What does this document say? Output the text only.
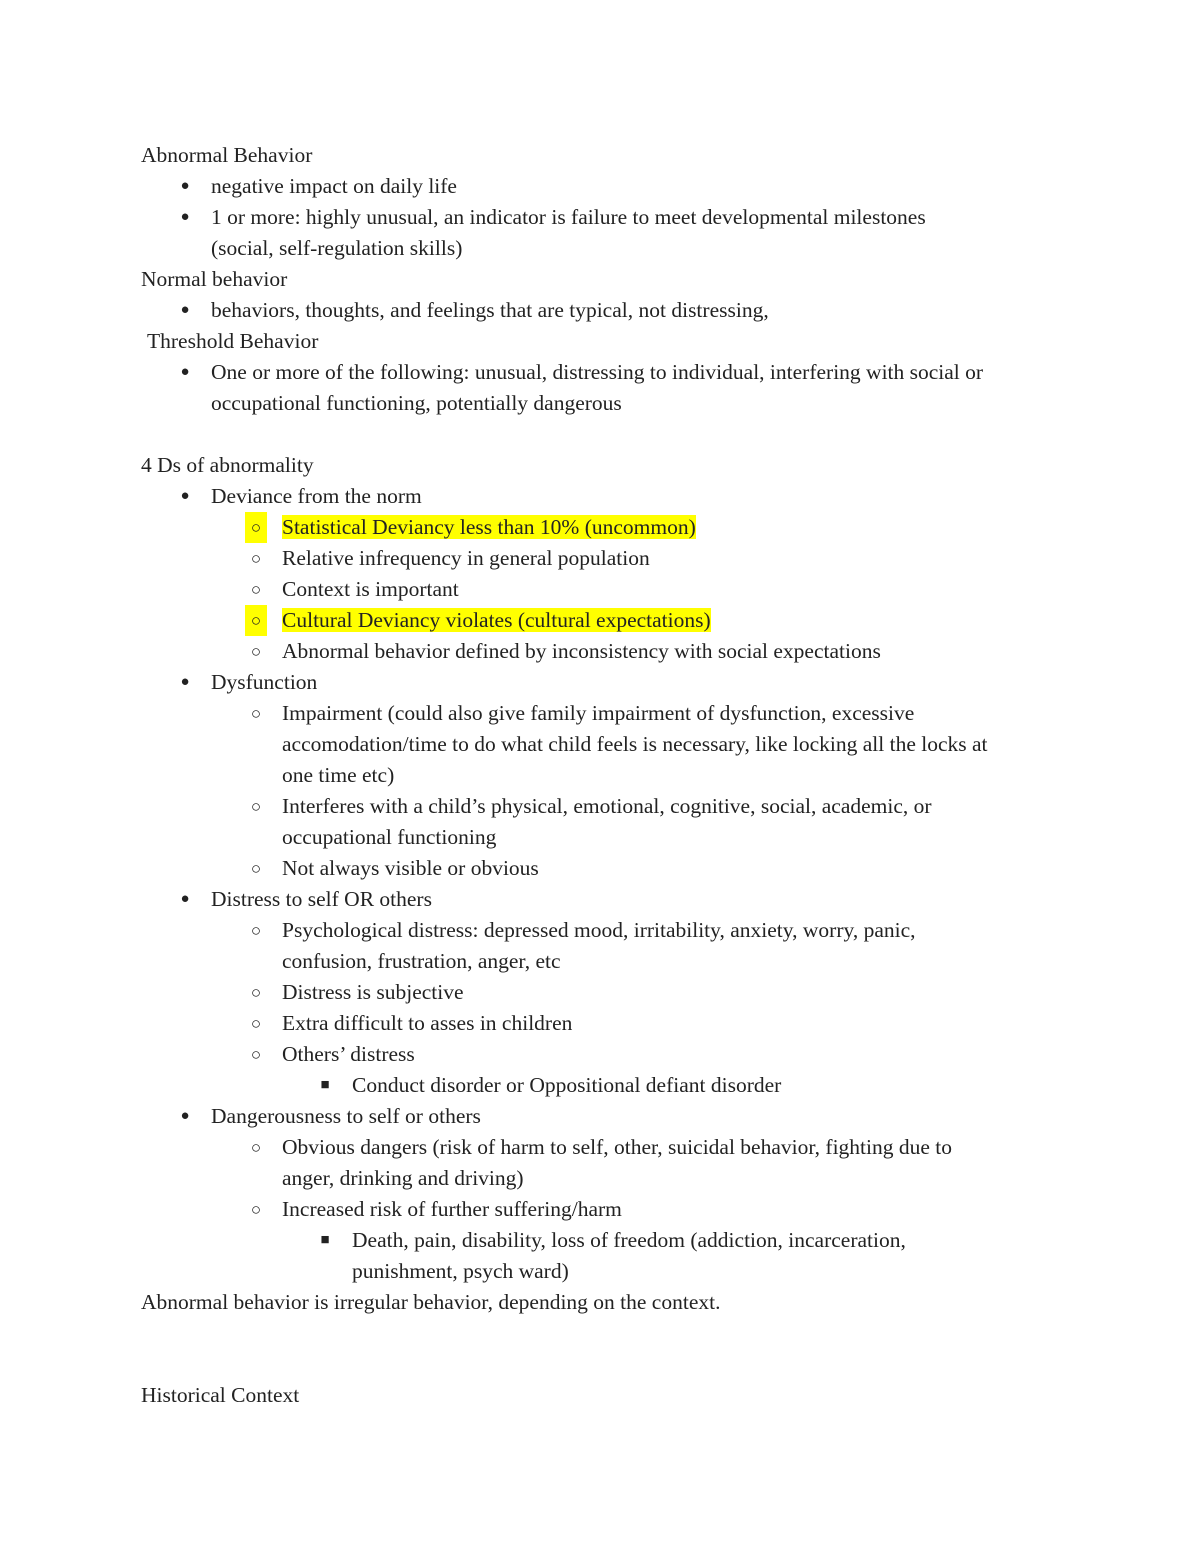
Abnormal Behavior
● negative impact on daily life
● 1 or more: highly unusual, an indicator is failure to meet developmental milestones
(social, self-regulation skills)
Normal behavior
● behaviors, thoughts, and feelings that are typical, not distressing,
Threshold Behavior
● One or more of the following: unusual, distressing to individual, interfering with social or
occupational functioning, potentially dangerous
4 Ds of abnormality
● Deviance from the norm
○ Statistical Deviancy less than 10% (uncommon)
○ Relative infrequency in general population
○ Context is important
○ Cultural Deviancy violates (cultural expectations)
○ Abnormal behavior defined by inconsistency with social expectations
● Dysfunction
○ Impairment (could also give family impairment of dysfunction, excessive
accomodation/time to do what child feels is necessary, like locking all the locks at
one time etc)
○ Interferes with a child’s physical, emotional, cognitive, social, academic, or
occupational functioning
○ Not always visible or obvious
● Distress to self OR others
○ Psychological distress: depressed mood, irritability, anxiety, worry, panic,
confusion, frustration, anger, etc
○ Distress is subjective
○ Extra difficult to asses in children
○ Others’ distress
■	Conduct disorder or Oppositional defiant disorder
● Dangerousness to self or others
○ Obvious dangers (risk of harm to self, other, suicidal behavior, fighting due to
anger, drinking and driving)
○ Increased risk of further suffering/harm
■	Death, pain, disability, loss of freedom (addiction, incarceration,
punishment, psych ward)
Abnormal behavior is irregular behavior, depending on the context.
Historical Context
